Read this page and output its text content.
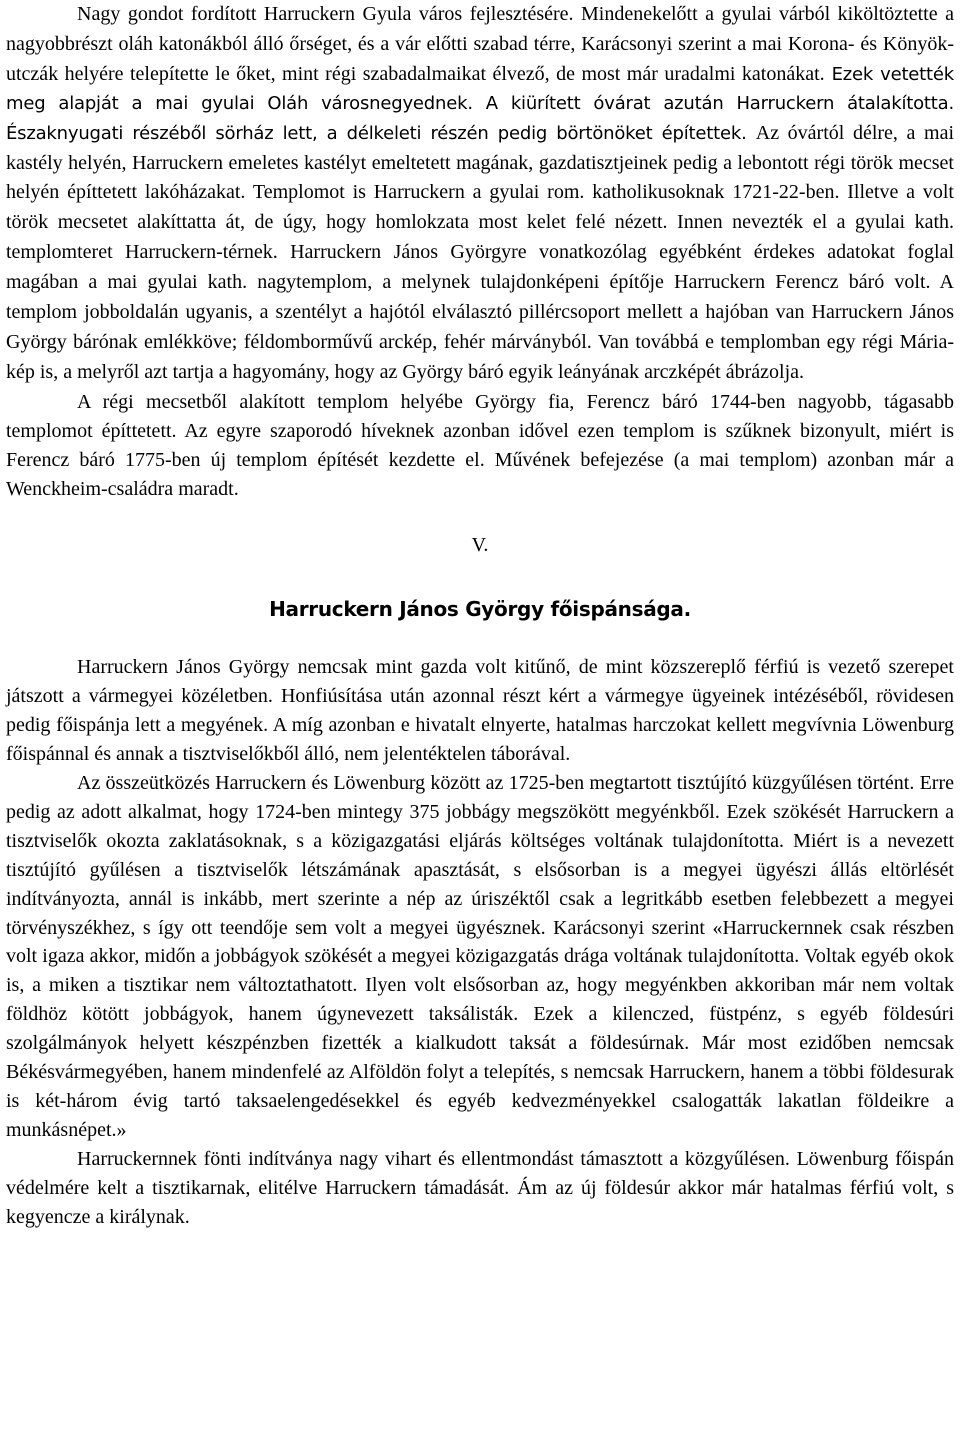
Nagy gondot fordított Harruckern Gyula város fejlesztésére. Mindenekelőtt a gyulai várból kiköltöztette a nagyobbrészt oláh katonákból álló őrséget, és a vár előtti szabad térre, Karácsonyi szerint a mai Korona- és Könyök-utczák helyére telepítette le őket, mint régi szabadalmaikat élvező, de most már uradalmi katonákat. Ezek vetették meg alapját a mai gyulai Oláh városnegyednek. A kiürített óvárat azután Harruckern átalakította. Északnyugati részéből sörház lett, a délkeleti részén pedig börtönöket építettek. Az óvártól délre, a mai kastély helyén, Harruckern emeletes kastélyt emeltetett magának, gazdatisztjeinek pedig a lebontott régi török mecset helyén építtetett lakóházakat. Templomot is Harruckern a gyulai rom. katholikusoknak 1721-22-ben. Illetve a volt török mecsetet alakíttatta át, de úgy, hogy homlokzata most kelet felé nézett. Innen nevezték el a gyulai kath. templomteret Harruckern-térnek. Harruckern János Györgyre vonatkozólag egyébként érdekes adatokat foglal magában a mai gyulai kath. nagytemplom, a melynek tulajdonképeni építője Harruckern Ferencz báró volt. A templom jobboldalán ugyanis, a szentélyt a hajótól elválasztó pillércsoport mellett a hajóban van Harruckern János György bárónak emlékköve; féldomborművű arckép, fehér márványból. Van továbbá e templomban egy régi Mária-kép is, a melyről azt tartja a hagyomány, hogy az György báró egyik leányának arczképét ábrázolja.

A régi mecsetből alakított templom helyébe György fia, Ferencz báró 1744-ben nagyobb, tágasabb templomot építtetett. Az egyre szaporodó híveknek azonban idővel ezen templom is szűknek bizonyult, miért is Ferencz báró 1775-ben új templom építését kezdette el. Művének befejezése (a mai templom) azonban már a Wenckheim-családra maradt.

V.
Harruckern János György főispánsága.

Harruckern János György nemcsak mint gazda volt kitűnő, de mint közszereplő férfiú is vezető szerepet játszott a vármegyei közéletben. Honfiúsítása után azonnal részt kért a vármegye ügyeinek intézéséből, rövidesen pedig főispánja lett a megyének. A míg azonban e hivatalt elnyerte, hatalmas harczokat kellett megvívnia Löwenburg főispánnal és annak a tisztviselőkből álló, nem jelentéktelen táborával.

Az összeütközés Harruckern és Löwenburg között az 1725-ben megtartott tisztújító küzgyűlésen történt. Erre pedig az adott alkalmat, hogy 1724-ben mintegy 375 jobbágy megszökött megyénkből. Ezek szökését Harruckern a tisztviselők okozta zaklatásoknak, s a közigazgatási eljárás költséges voltának tulajdonította. Miért is a nevezett tisztújító gyűlésen a tisztviselők létszámának apasztását, s elsősorban is a megyei ügyészi állás eltörlését indítványozta, annál is inkább, mert szerinte a nép az úriszéktől csak a legritkább esetben felebbezett a megyei törvényszékhez, s így ott teendője sem volt a megyei ügyésznek. Karácsonyi szerint «Harruckernnek csak részben volt igaza akkor, midőn a jobbágyok szökését a megyei közigazgatás drága voltának tulajdonította. Voltak egyéb okok is, a miken a tisztikar nem változtathatott. Ilyen volt elsősorban az, hogy megyénkben akkoriban már nem voltak földhöz kötött jobbágyok, hanem úgynevezett taksálisták. Ezek a kilenczed, füstpénz, s egyéb földesúri szolgálmányok helyett készpénzben fizették a kialkudott taksát a földesúrnak. Már most ezidőben nemcsak Békésvármegyében, hanem mindenfelé az Alföldön folyt a telepítés, s nemcsak Harruckern, hanem a többi földesurak is két-három évig tartó taksaelengedésekkel és egyéb kedvezményekkel csalogatták lakatlan földeikre a munkásnépet.»

Harruckernnek fönti indítványa nagy vihart és ellentmondást támasztott a közgyűlésen. Löwenburg főispán védelmére kelt a tisztikarnak, elitélve Harruckern támadását. Ám az új földesúr akkor már hatalmas férfiú volt, s kegyencze a királynak.
